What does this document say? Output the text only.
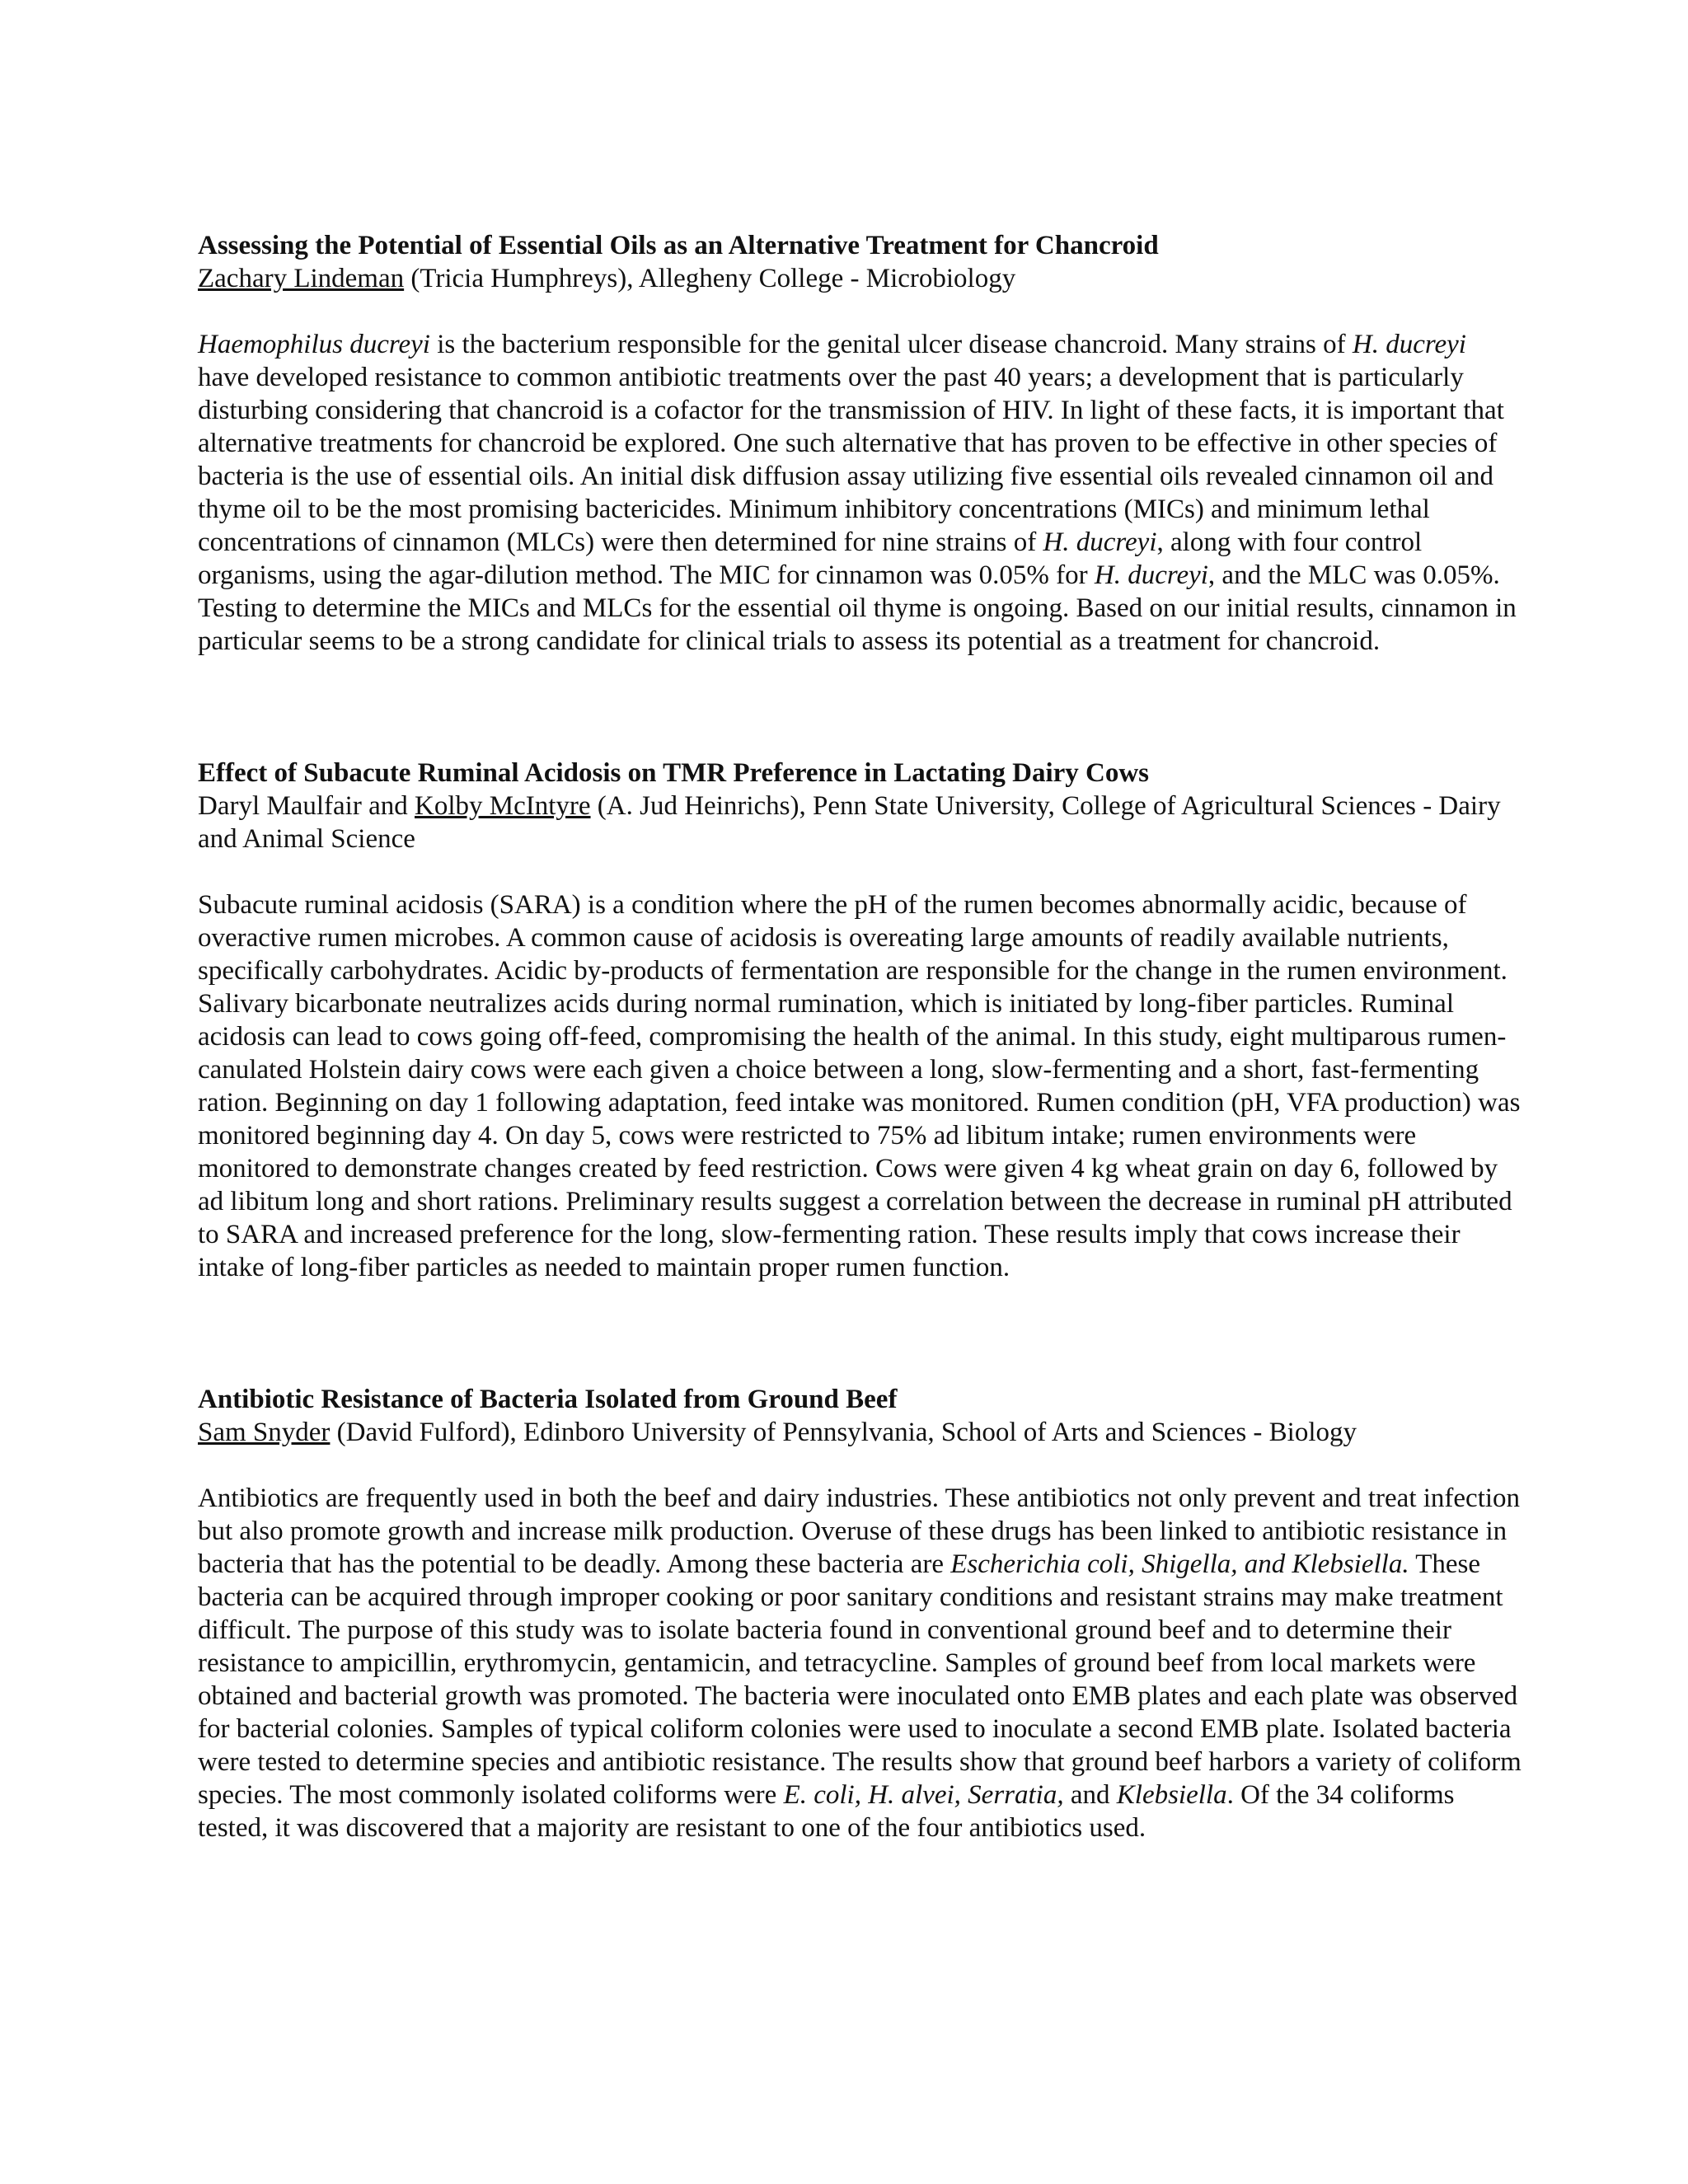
Assessing the Potential of Essential Oils as an Alternative Treatment for Chancroid

Zachary Lindeman (Tricia Humphreys), Allegheny College - Microbiology

Haemophilus ducreyi is the bacterium responsible for the genital ulcer disease chancroid. Many strains of H. ducreyi have developed resistance to common antibiotic treatments over the past 40 years; a development that is particularly disturbing considering that chancroid is a cofactor for the transmission of HIV. In light of these facts, it is important that alternative treatments for chancroid be explored. One such alternative that has proven to be effective in other species of bacteria is the use of essential oils. An initial disk diffusion assay utilizing five essential oils revealed cinnamon oil and thyme oil to be the most promising bactericides. Minimum inhibitory concentrations (MICs) and minimum lethal concentrations of cinnamon (MLCs) were then determined for nine strains of H. ducreyi, along with four control organisms, using the agar-dilution method. The MIC for cinnamon was 0.05% for H. ducreyi, and the MLC was 0.05%. Testing to determine the MICs and MLCs for the essential oil thyme is ongoing. Based on our initial results, cinnamon in particular seems to be a strong candidate for clinical trials to assess its potential as a treatment for chancroid.

Effect of Subacute Ruminal Acidosis on TMR Preference in Lactating Dairy Cows

Daryl Maulfair and Kolby McIntyre (A. Jud Heinrichs), Penn State University, College of Agricultural Sciences - Dairy and Animal Science

Subacute ruminal acidosis (SARA) is a condition where the pH of the rumen becomes abnormally acidic, because of overactive rumen microbes. A common cause of acidosis is overeating large amounts of readily available nutrients, specifically carbohydrates. Acidic by-products of fermentation are responsible for the change in the rumen environment. Salivary bicarbonate neutralizes acids during normal rumination, which is initiated by long-fiber particles. Ruminal acidosis can lead to cows going off-feed, compromising the health of the animal. In this study, eight multiparous rumen-canulated Holstein dairy cows were each given a choice between a long, slow-fermenting and a short, fast-fermenting ration. Beginning on day 1 following adaptation, feed intake was monitored. Rumen condition (pH, VFA production) was monitored beginning day 4. On day 5, cows were restricted to 75% ad libitum intake; rumen environments were monitored to demonstrate changes created by feed restriction. Cows were given 4 kg wheat grain on day 6, followed by ad libitum long and short rations. Preliminary results suggest a correlation between the decrease in ruminal pH attributed to SARA and increased preference for the long, slow-fermenting ration. These results imply that cows increase their intake of long-fiber particles as needed to maintain proper rumen function.

Antibiotic Resistance of Bacteria Isolated from Ground Beef

Sam Snyder (David Fulford), Edinboro University of Pennsylvania, School of Arts and Sciences - Biology

Antibiotics are frequently used in both the beef and dairy industries. These antibiotics not only prevent and treat infection but also promote growth and increase milk production. Overuse of these drugs has been linked to antibiotic resistance in bacteria that has the potential to be deadly. Among these bacteria are Escherichia coli, Shigella, and Klebsiella. These bacteria can be acquired through improper cooking or poor sanitary conditions and resistant strains may make treatment difficult. The purpose of this study was to isolate bacteria found in conventional ground beef and to determine their resistance to ampicillin, erythromycin, gentamicin, and tetracycline. Samples of ground beef from local markets were obtained and bacterial growth was promoted. The bacteria were inoculated onto EMB plates and each plate was observed for bacterial colonies. Samples of typical coliform colonies were used to inoculate a second EMB plate. Isolated bacteria were tested to determine species and antibiotic resistance. The results show that ground beef harbors a variety of coliform species. The most commonly isolated coliforms were E. coli, H. alvei, Serratia, and Klebsiella. Of the 34 coliforms tested, it was discovered that a majority are resistant to one of the four antibiotics used.
